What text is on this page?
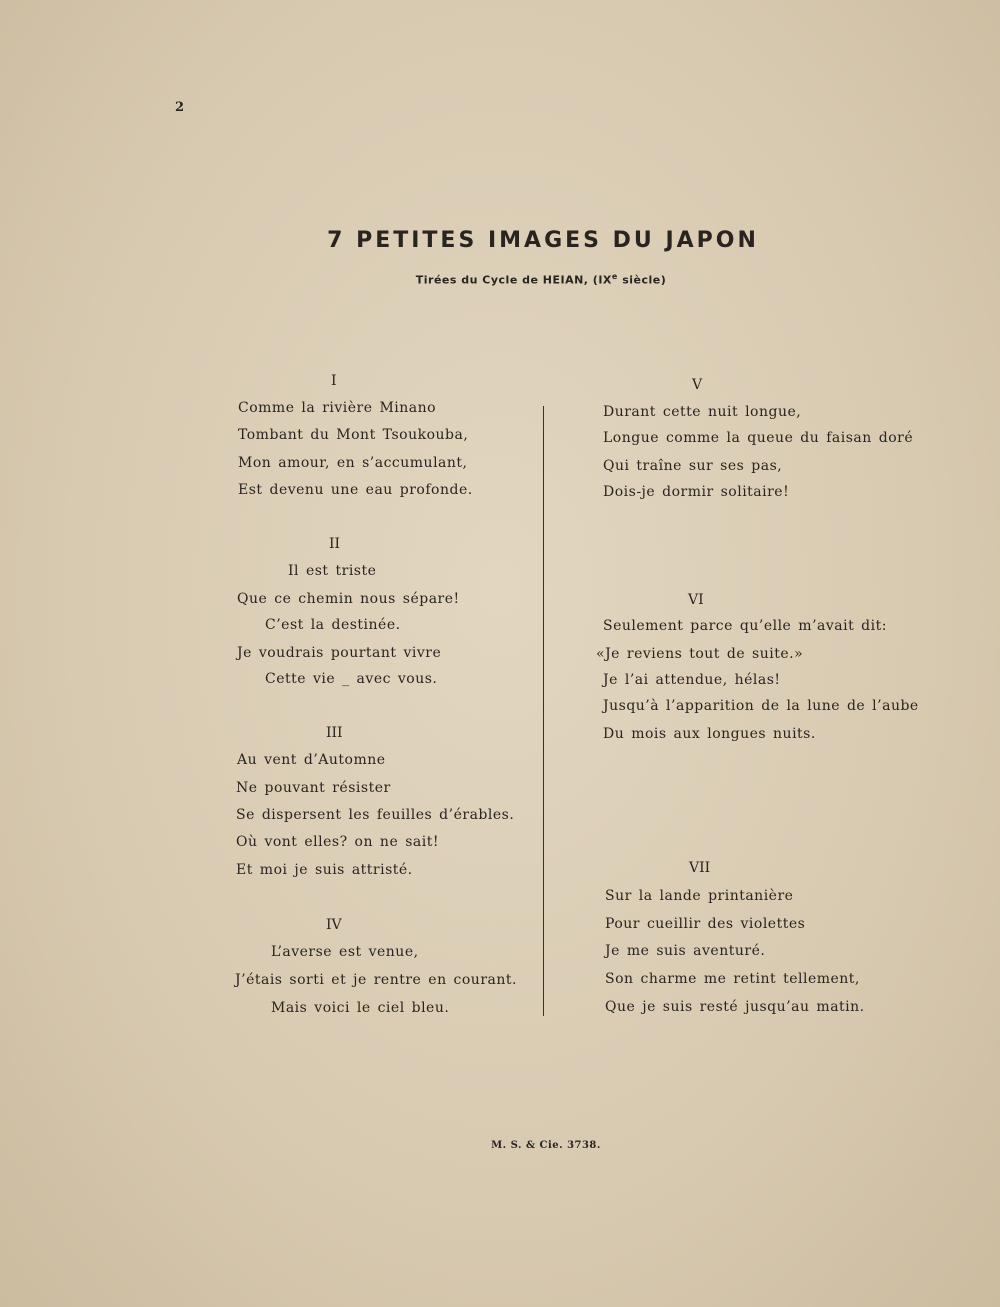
2
7 PETITES IMAGES DU JAPON
Tirées du Cycle de HEIAN, (IXe siècle)
I
Comme la rivière Minano
Tombant du Mont Tsoukouba,
Mon amour, en s’accumulant,
Est devenu une eau profonde.
II
Il est triste
Que ce chemin nous sépare!
C’est la destinée.
Je voudrais pourtant vivre
Cette vie _ avec vous.
III
Au vent d’Automne
Ne pouvant résister
Se dispersent les feuilles d’érables.
Où vont elles? on ne sait!
Et moi je suis attristé.
IV
L’averse est venue,
J’étais sorti et je rentre en courant.
Mais voici le ciel bleu.
V
Durant cette nuit longue,
Longue comme la queue du faisan doré
Qui traîne sur ses pas,
Dois-je dormir solitaire!
VI
Seulement parce qu’elle m’avait dit:
«Je reviens tout de suite.»
Je l’ai attendue, hélas!
Jusqu’à l’apparition de la lune de l’aube
Du mois aux longues nuits.
VII
Sur la lande printanière
Pour cueillir des violettes
Je me suis aventuré.
Son charme me retint tellement,
Que je suis resté jusqu’au matin.
M. S. & Cie. 3738.
